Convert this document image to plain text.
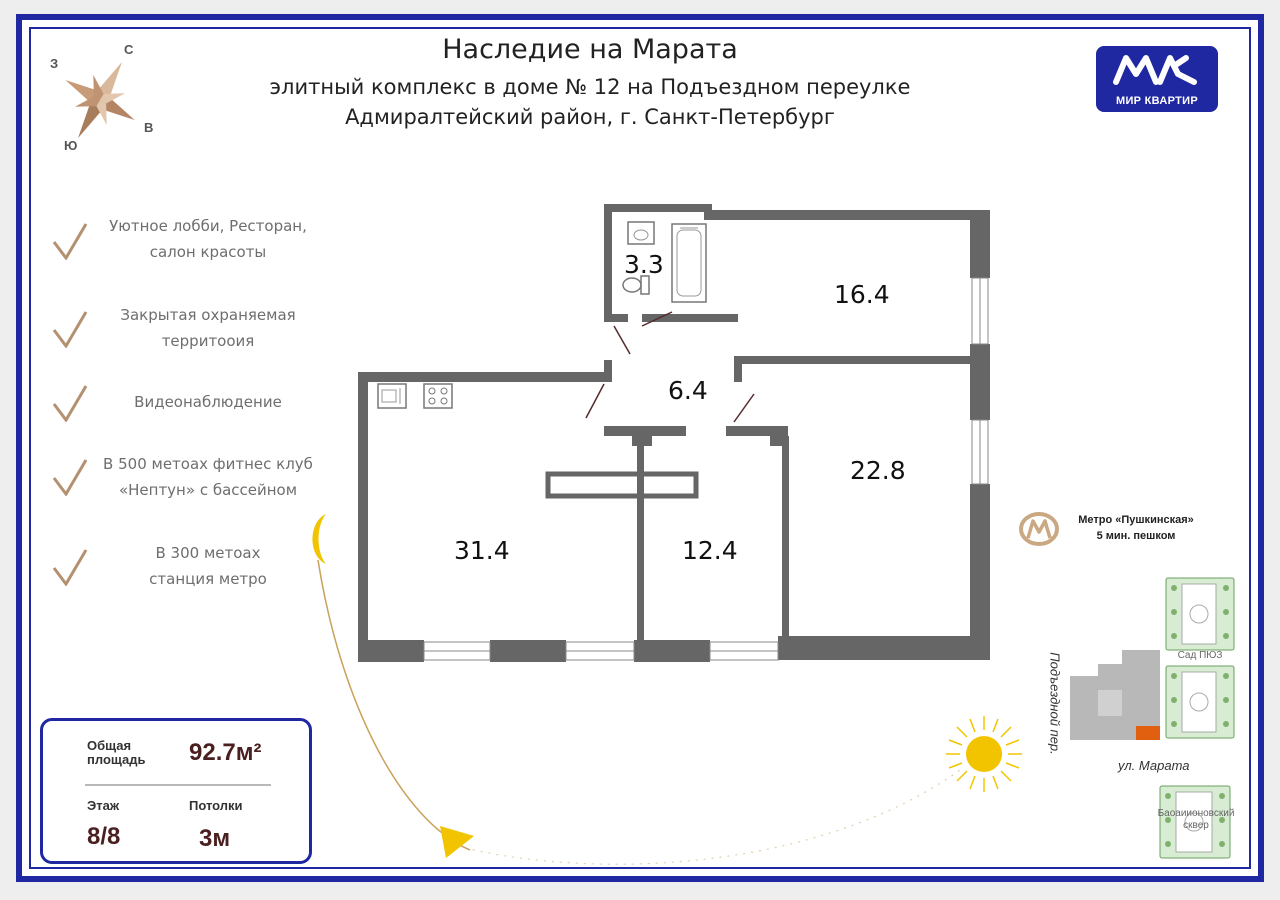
Наследие на Марата
элитный комплекс в доме № 12 на Подъездном переулке
Адмиралтейский район, г. Санкт-Петербург
МИР КВАРТИР
С
З
В
Ю
Уютное лобби, Ресторан,
салон красоты
Закрытая охраняемая
территооия
Видеонаблюдение
В 500 метоах фитнес клуб
«Нептун» с бассейном
В 300 метоах
станция метро
3.3
16.4
6.4
22.8
31.4	12.4
Общая
площадь 92.7м²
Этаж	Потолки
8/8	3м
Метро «Пушкинская»
5 мин. пешком
Подъездной пер.
ул. Марата
Сад ПЮЗ
Баоаиионовский
сквер
